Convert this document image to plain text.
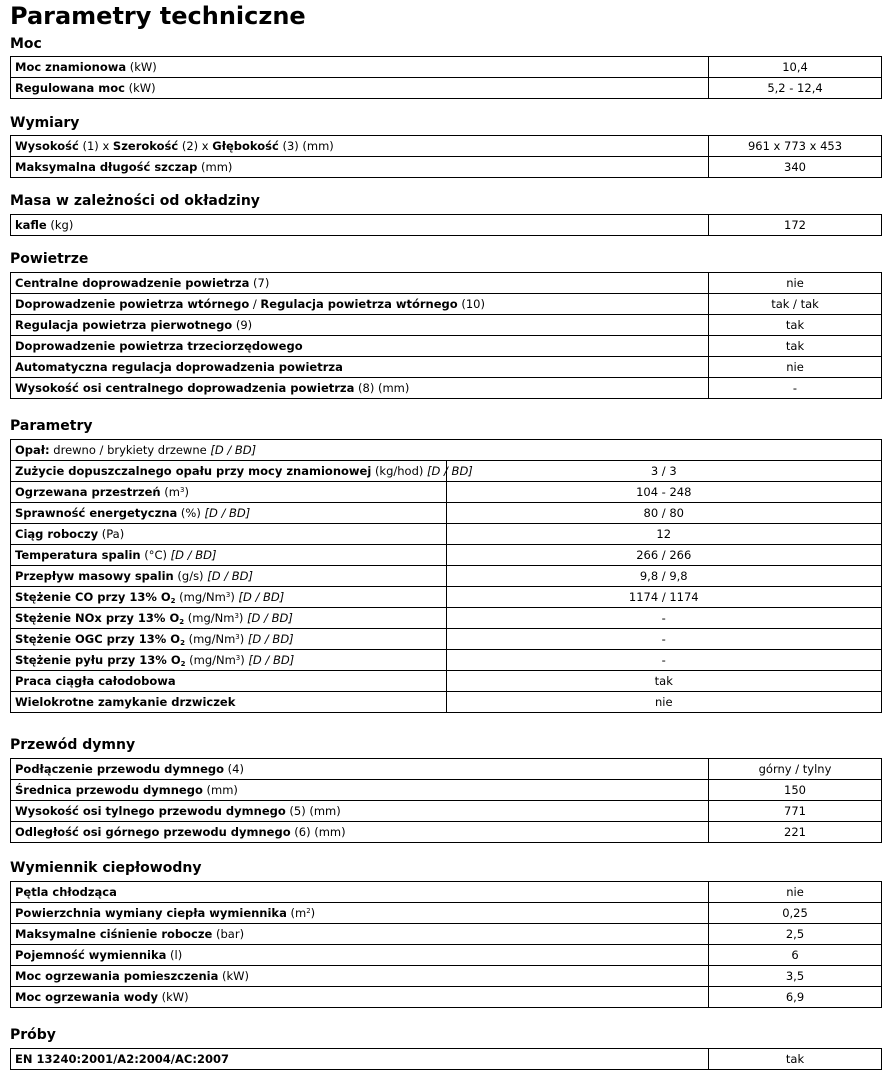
Parametry techniczne
Moc
Moc znamionowa (kW)	10,4
Regulowana moc (kW)	5,2 - 12,4
Wymiary
Wysokość (1) x Szerokość (2) x Głębokość (3) (mm)	961 x 773 x 453
Maksymalna długość szczap (mm)	340
Masa w zależności od okładziny
kafle (kg)	172
Powietrze
Centralne doprowadzenie powietrza (7)	nie
Doprowadzenie powietrza wtórnego / Regulacja powietrza wtórnego (10)	tak / tak
Regulacja powietrza pierwotnego (9)	tak
Doprowadzenie powietrza trzeciorzędowego	tak
Automatyczna regulacja doprowadzenia powietrza	nie
Wysokość osi centralnego doprowadzenia powietrza (8) (mm)	-
Parametry
Opał: drewno / brykiety drzewne [D / BD]	
Zużycie dopuszczalnego opału przy mocy znamionowej (kg/hod) [D / BD]	3 / 3
Ogrzewana przestrzeń $(m^3)$	104 - 248
Sprawność energetyczna (%) [D / BD]	80 / 80
Ciąg roboczy (Pa)	12
Temperatura spalin (°C) [D / BD]	266 / 266
Przepływ masowy spalin (g/s) [D / BD]	9,8 / 9,8
Stężenie CO przy 13% $O_2$ (mg/Nm$^3$) [D / BD]	1174 / 1174
Stężenie NOx przy 13% $O_2$ (mg/Nm$^3$) [D / BD]	-
Stężenie OGC przy 13% $O_2$ (mg/Nm$^3$) [D / BD]	-
Stężenie pyłu przy 13% $O_2$ (mg/Nm$^3$) [D / BD]	-
Praca ciągła całodobowa	tak
Wielokrotne zamykanie drzwiczek	nie
Przewód dymny
Podłączenie przewodu dymnego (4)	górny / tylny
Średnica przewodu dymnego (mm)	150
Wysokość osi tylnego przewodu dymnego (5) (mm)	771
Odległość osi górnego przewodu dymnego (6) (mm)	221
Wymiennik ciepłowodny
Pętla chłodząca	nie
Powierzchnia wymiany ciepła wymiennika $(m^2)$	0,25
Maksymalne ciśnienie robocze (bar)	2,5
Pojemność wymiennika (l)	6
Moc ogrzewania pomieszczenia (kW)	3,5
Moc ogrzewania wody (kW)	6,9
Próby
EN 13240:2001/A2:2004/AC:2007	tak
